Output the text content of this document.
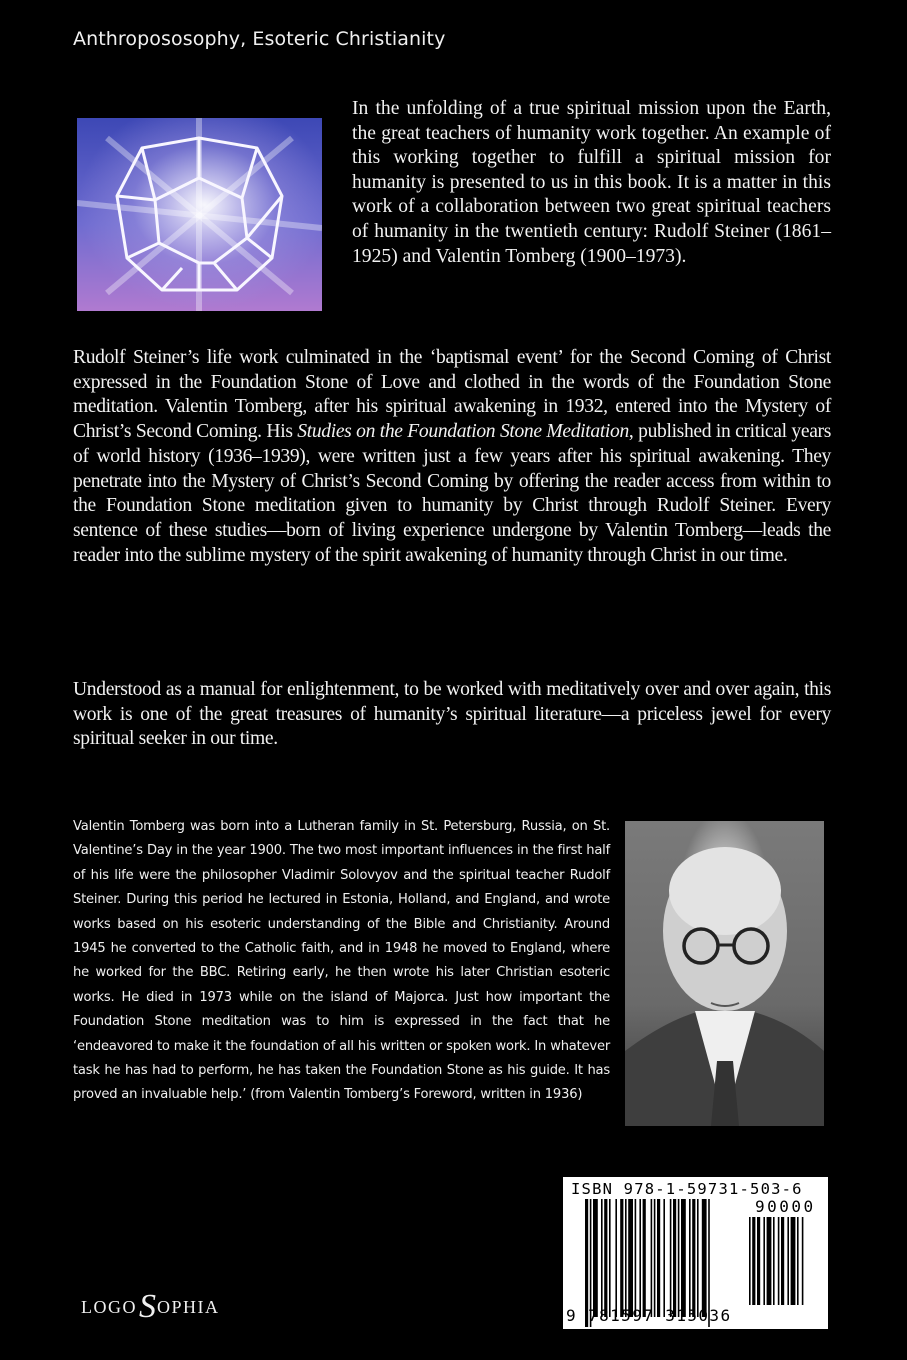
Anthropososophy, Esoteric Christianity

In the unfolding of a true spiritual mission upon the Earth, the great teachers of humanity work together. An example of this working together to fulfill a spiritual mission for humanity is presented to us in this book. It is a matter in this work of a collaboration between two great spiritual teachers of humanity in the twentieth century: Rudolf Steiner (1861–1925) and Valentin Tomberg (1900–1973).

Rudolf Steiner’s life work culminated in the ‘baptismal event’ for the Second Coming of Christ expressed in the Foundation Stone of Love and clothed in the words of the Foundation Stone meditation. Valentin Tomberg, after his spiritual awakening in 1932, entered into the Mystery of Christ’s Second Coming. His Studies on the Foundation Stone Meditation, published in critical years of world history (1936–1939), were written just a few years after his spiritual awakening. They penetrate into the Mystery of Christ’s Second Coming by offering the reader access from within to the Foundation Stone meditation given to humanity by Christ through Rudolf Steiner. Every sentence of these studies—born of living experience undergone by Valentin Tomberg—leads the reader into the sublime mystery of the spirit awakening of humanity through Christ in our time.

Understood as a manual for enlightenment, to be worked with meditatively over and over again, this work is one of the great treasures of humanity’s spiritual literature—a priceless jewel for every spiritual seeker in our time.

Valentin Tomberg was born into a Lutheran family in St. Petersburg, Russia, on St. Valentine’s Day in the year 1900. The two most important influences in the first half of his life were the philosopher Vladimir Solovyov and the spiritual teacher Rudolf Steiner. During this period he lectured in Estonia, Holland, and England, and wrote works based on his esoteric understanding of the Bible and Christianity. Around 1945 he converted to the Catholic faith, and in 1948 he moved to England, where he worked for the BBC. Retiring early, he then wrote his later Christian esoteric works. He died in 1973 while on the island of Majorca. Just how important the Foundation Stone meditation was to him is expressed in the fact that he ‘endeavored to make it the foundation of all his written or spoken work. In whatever task he has had to perform, he has taken the Foundation Stone as his guide. It has proved an invaluable help.’ (from Valentin Tomberg’s Foreword, written in 1936)

ISBN 978-1-59731-503-6
90000
9 781597 315036
LOGOSOPHIA
